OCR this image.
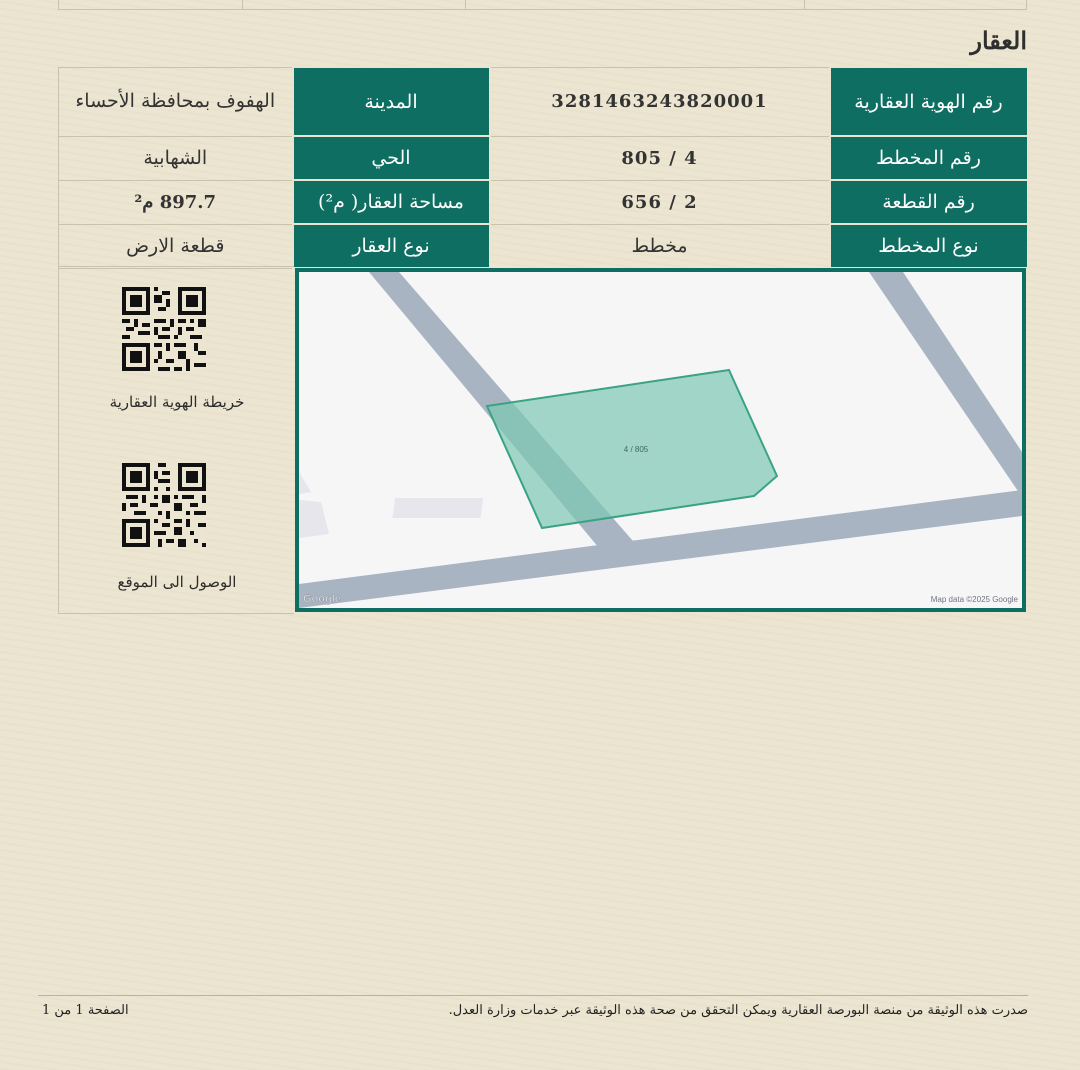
العقار
رقم الهوية العقارية	3281463243820001	المدينة	الهفوف بمحافظة الأحساء
رقم المخطط	4 / 805	الحي	الشهابية
رقم القطعة	2 / 656	مساحة العقار( م²)	897.7 م²
نوع المخطط	مخطط	نوع العقار	قطعة الارض
4 / 805
Google	Map data ©2025 Google
خريطة الهوية العقارية
الوصول الى الموقع
صدرت هذه الوثيقة من منصة البورصة العقارية ويمكن التحقق من صحة هذه الوثيقة عبر خدمات وزارة العدل.
الصفحة 1 من 1
